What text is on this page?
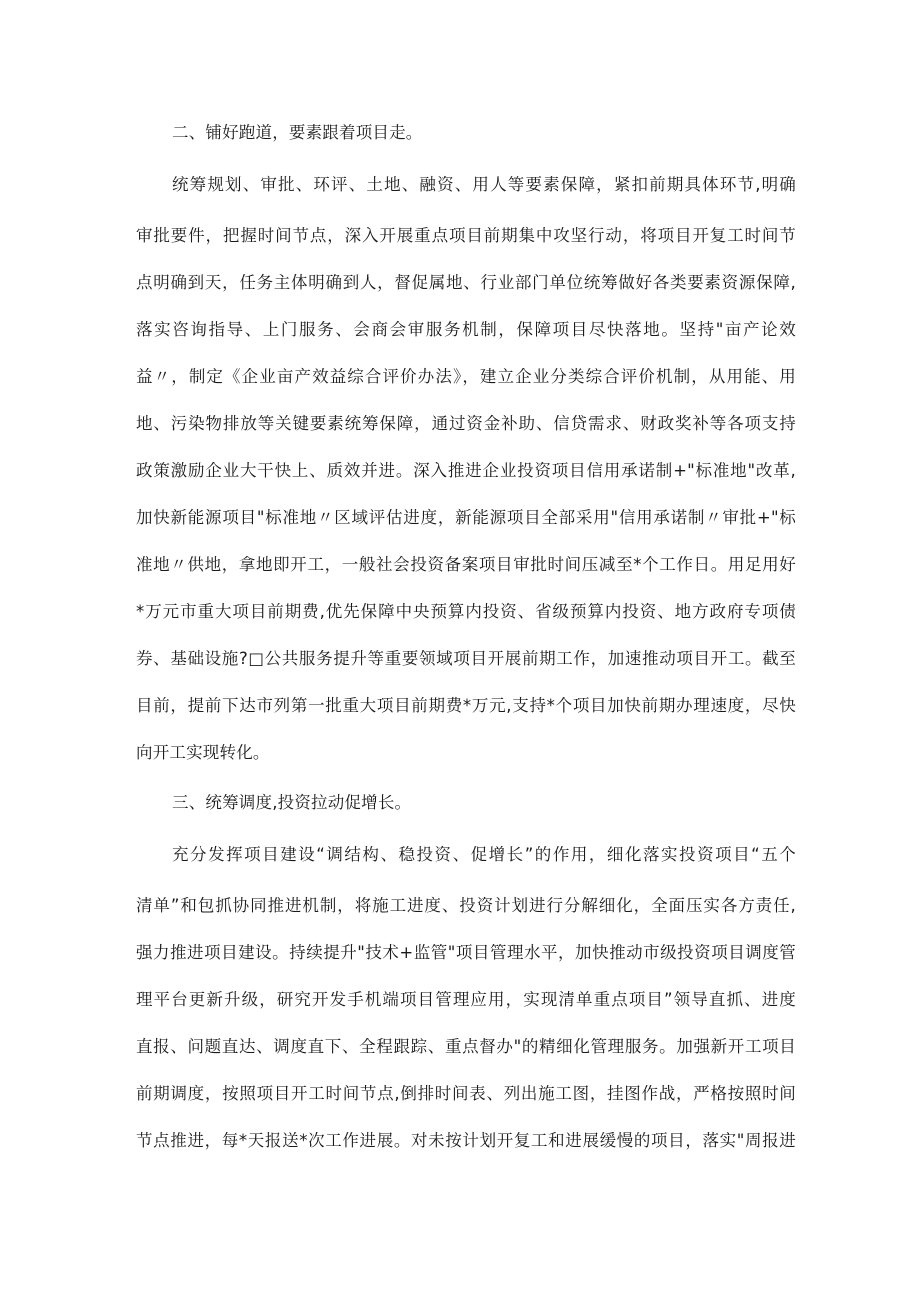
二、铺好跑道，要素跟着项目走。

统筹规划、审批、环评、土地、融资、用人等要素保障，紧扣前期具体环节,明确

审批要件，把握时间节点，深入开展重点项目前期集中攻坚行动，将项目开复工时间节

点明确到天，任务主体明确到人，督促属地、行业部门单位统筹做好各类要素资源保障,

落实咨询指导、上门服务、会商会审服务机制，保障项目尽快落地。坚持"亩产论效

益〃，制定《企业亩产效益综合评价办法》，建立企业分类综合评价机制，从用能、用

地、污染物排放等关键要素统筹保障，通过资金补助、信贷需求、财政奖补等各项支持

政策激励企业大干快上、质效并进。深入推进企业投资项目信用承诺制+"标准地"改革,

加快新能源项目"标准地〃区域评估进度，新能源项目全部采用"信用承诺制〃审批+"标

准地〃供地，拿地即开工，一般社会投资备案项目审批时间压减至*个工作日。用足用好

*万元市重大项目前期费,优先保障中央预算内投资、省级预算内投资、地方政府专项债

券、基础设施?□公共服务提升等重要领域项目开展前期工作，加速推动项目开工。截至

目前，提前下达市列第一批重大项目前期费*万元,支持*个项目加快前期办理速度，尽快

向开工实现转化。

三、统筹调度,投资拉动促增长。

充分发挥项目建设“调结构、稳投资、促增长”的作用，细化落实投资项目“五个

清单”和包抓协同推进机制，将施工进度、投资计划进行分解细化，全面压实各方责任,

强力推进项目建设。持续提升"技术+监管"项目管理水平，加快推动市级投资项目调度管

理平台更新升级，研究开发手机端项目管理应用，实现清单重点项目”领导直抓、进度

直报、问题直达、调度直下、全程跟踪、重点督办"的精细化管理服务。加强新开工项目

前期调度，按照项目开工时间节点,倒排时间表、列出施工图，挂图作战，严格按照时间

节点推进，每*天报送*次工作进展。对未按计划开复工和进展缓慢的项目，落实"周报进
